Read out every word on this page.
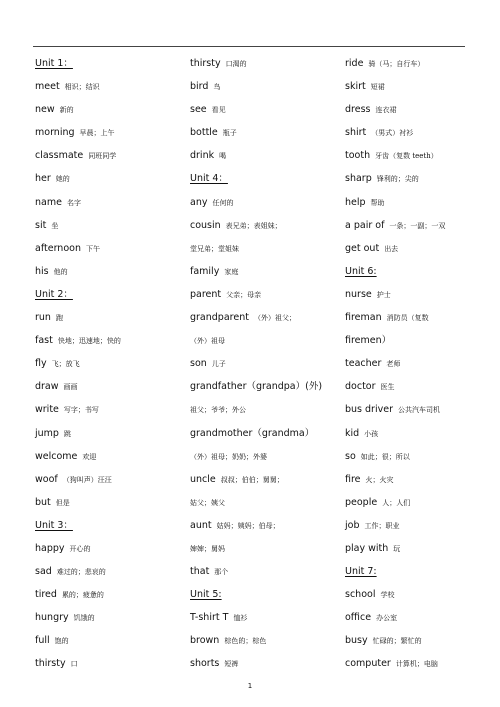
Unit 1：
meet 相识；结识
new 新的
morning 早晨；上午
classmate 同班同学
her 她的
name 名字
sit 坐
afternoon 下午
his 他的
Unit 2：
run 跑
fast 快地；迅速地；快的
fly 飞；放飞
draw 画画
write 写字；书写
jump 跳
welcome 欢迎
woof （狗叫声）汪汪
but 但是
Unit 3：
happy 开心的
sad 难过的；悲哀的
tired 累的；疲惫的
hungry 饥饿的
full 饱的
thirsty 口
thirsty 口渴的
bird 鸟
see 看见
bottle 瓶子
drink 喝
Unit 4：
any 任何的
cousin 表兄弟；表姐妹；
堂兄弟；堂姐妹
family 家庭
parent 父亲；母亲
grandparent （外）祖父；
（外）祖母
son 儿子
grandfather（grandpa）(外)
祖父；爷爷；外公
grandmother（grandma）
（外）祖母；奶奶；外婆
uncle 叔叔；伯伯；舅舅；
姑父；姨父
aunt 姑妈；姨妈；伯母；
婶婶；舅妈
that 那个
Unit 5:
T-shirt T 恤衫
brown 棕色的；棕色
shorts 短裤
ride 骑（马；自行车）
skirt 短裙
dress 连衣裙
shirt （男式）衬衫
tooth 牙齿（复数 teeth）
sharp 锋利的；尖的
help 帮助
a pair of 一条；一副；一双
get out 出去
Unit 6:
nurse 护士
fireman 消防员（复数
firemen）
teacher 老师
doctor 医生
bus driver 公共汽车司机
kid 小孩
so 如此；很；所以
fire 火；火灾
people 人；人们
job 工作；职业
play with 玩
Unit 7:
school 学校
office 办公室
busy 忙碌的；繁忙的
computer 计算机；电脑
1
